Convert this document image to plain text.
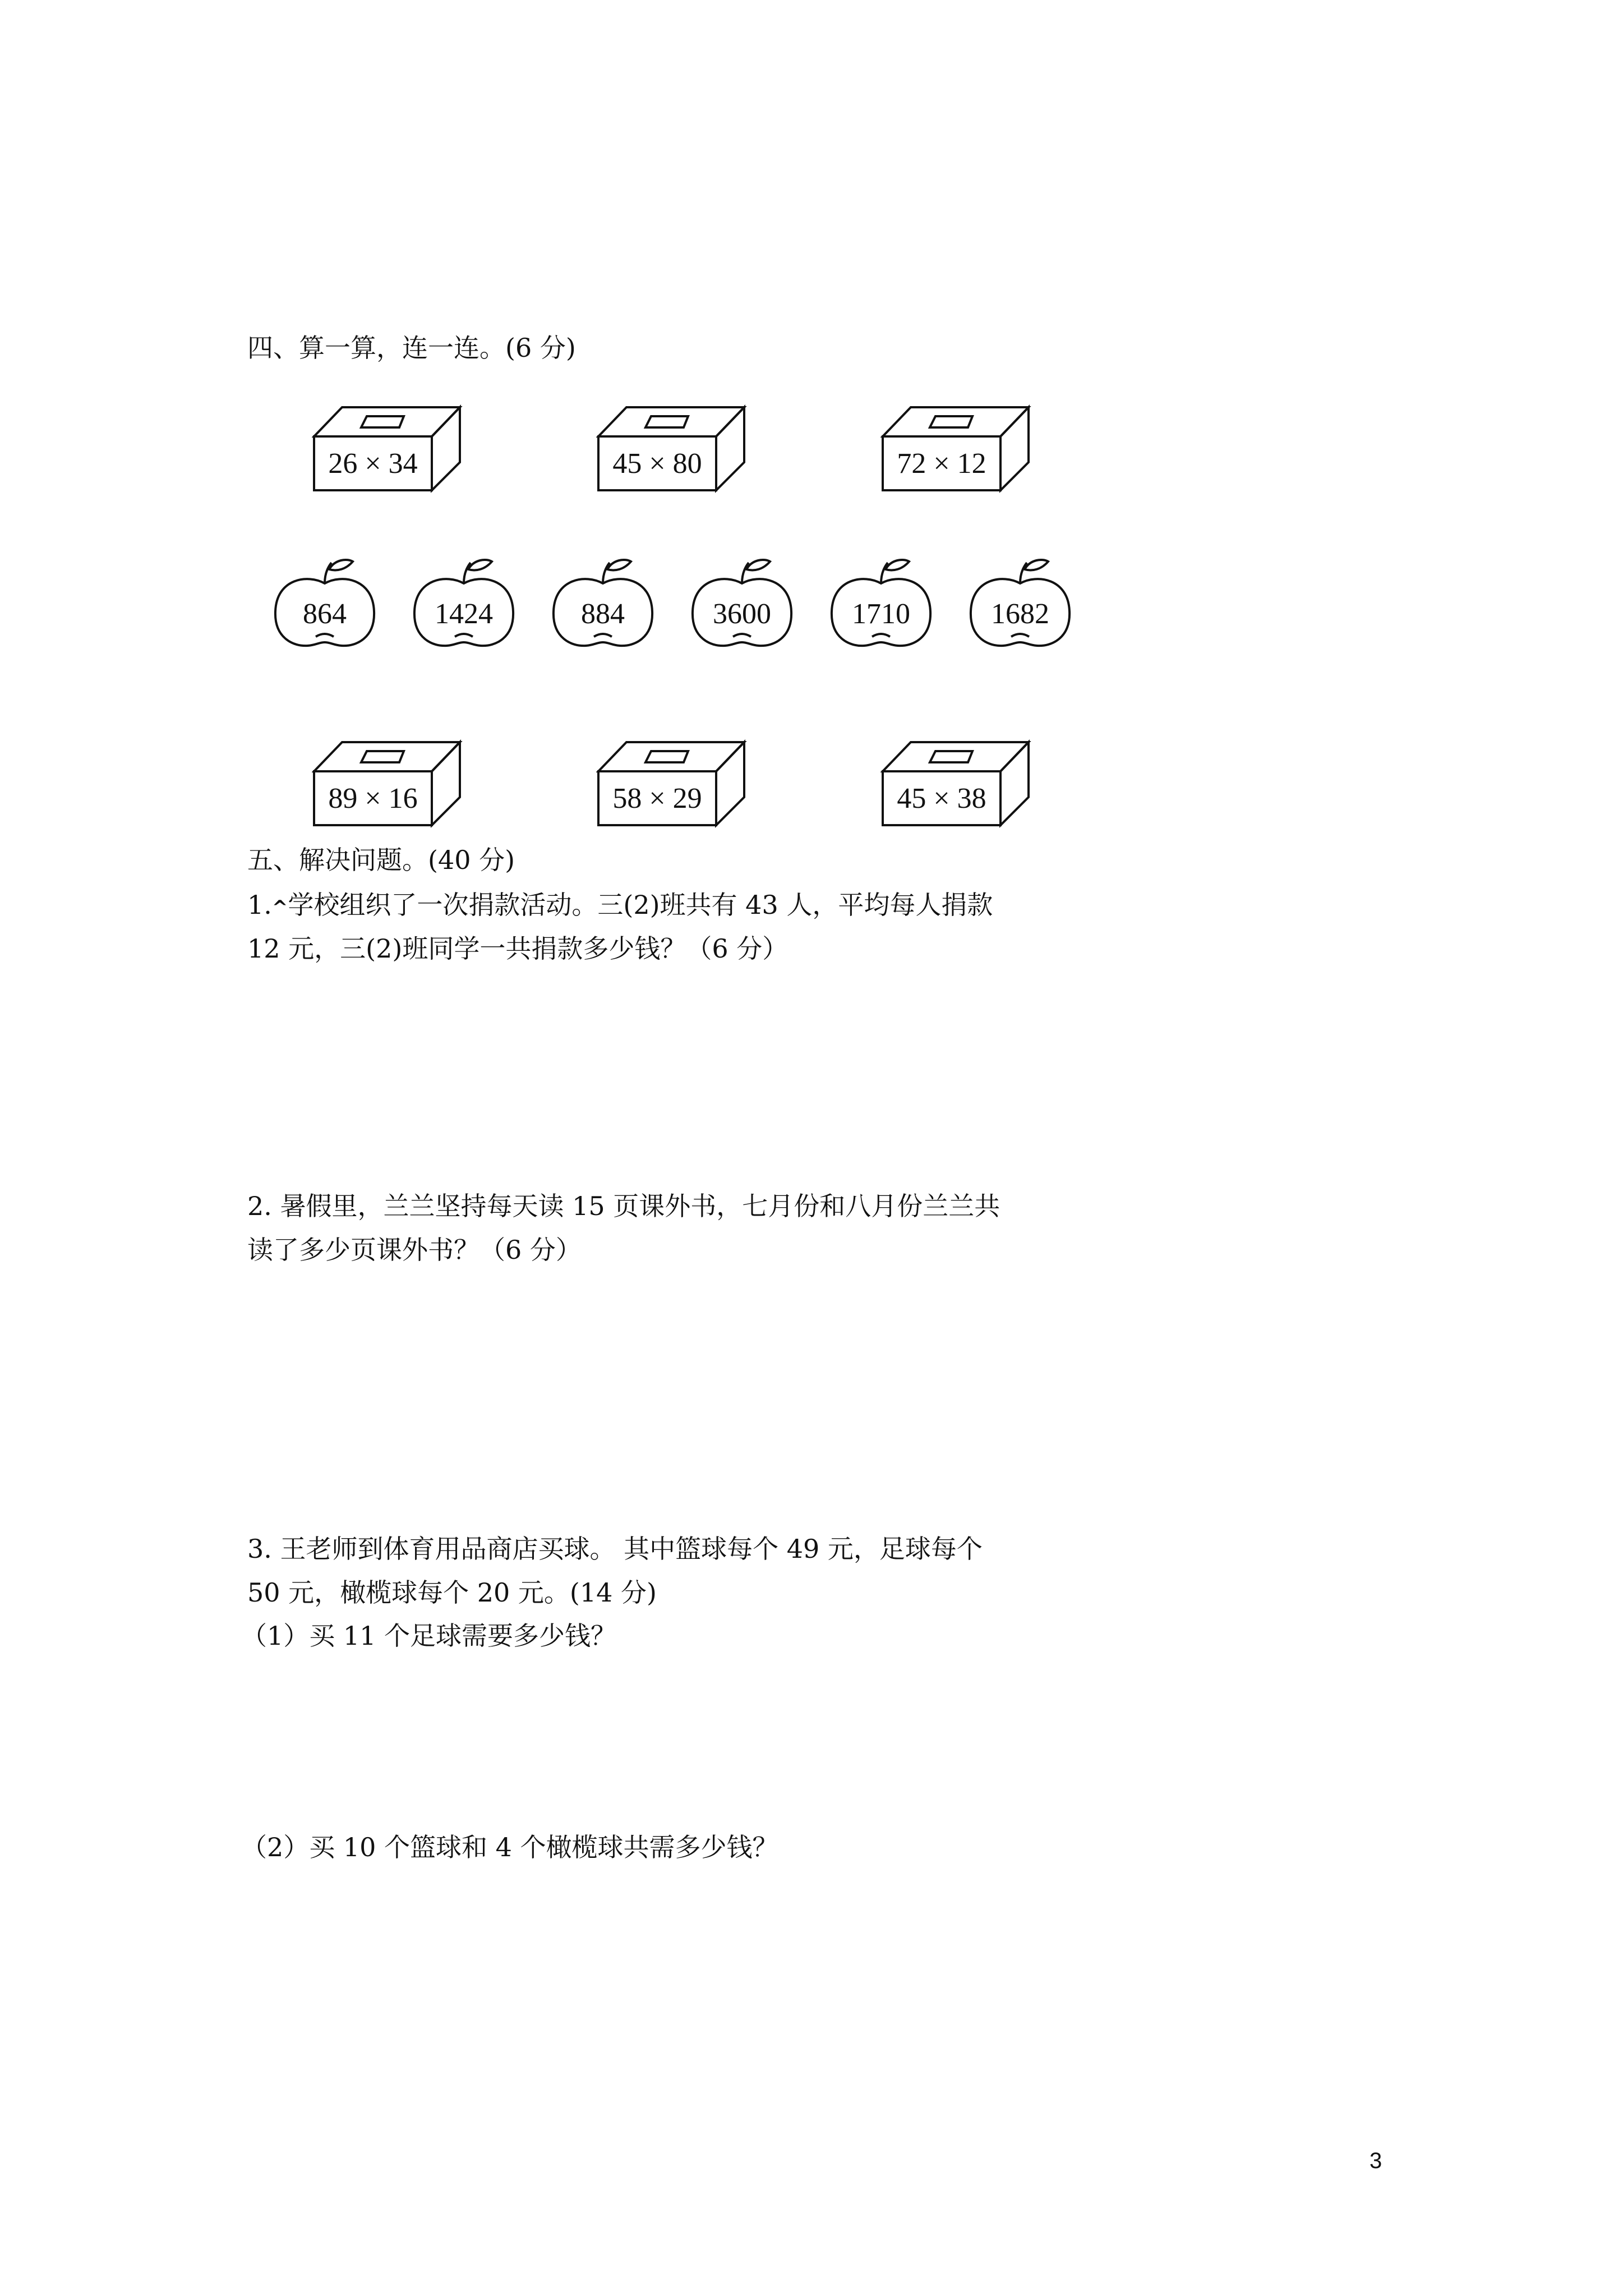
四、算一算，连一连。(6 分)
26 × 34	45 × 80	72 × 12
864	1424	884	3600	1710	1682
89 × 16	58 × 29	45 × 38
五、解决问题。(40 分)
1.^学校组织了一次捐款活动。三(2)班共有 43 人，平均每人捐款
12 元，三(2)班同学一共捐款多少钱？（6 分）
2. 暑假里，兰兰坚持每天读 15 页课外书，七月份和八月份兰兰共
读了多少页课外书？（6 分）
3. 王老师到体育用品商店买球。 其中篮球每个 49 元，足球每个
50 元，橄榄球每个 20 元。(14 分)
（1）买 11 个足球需要多少钱？
（2）买 10 个篮球和 4 个橄榄球共需多少钱？
3
